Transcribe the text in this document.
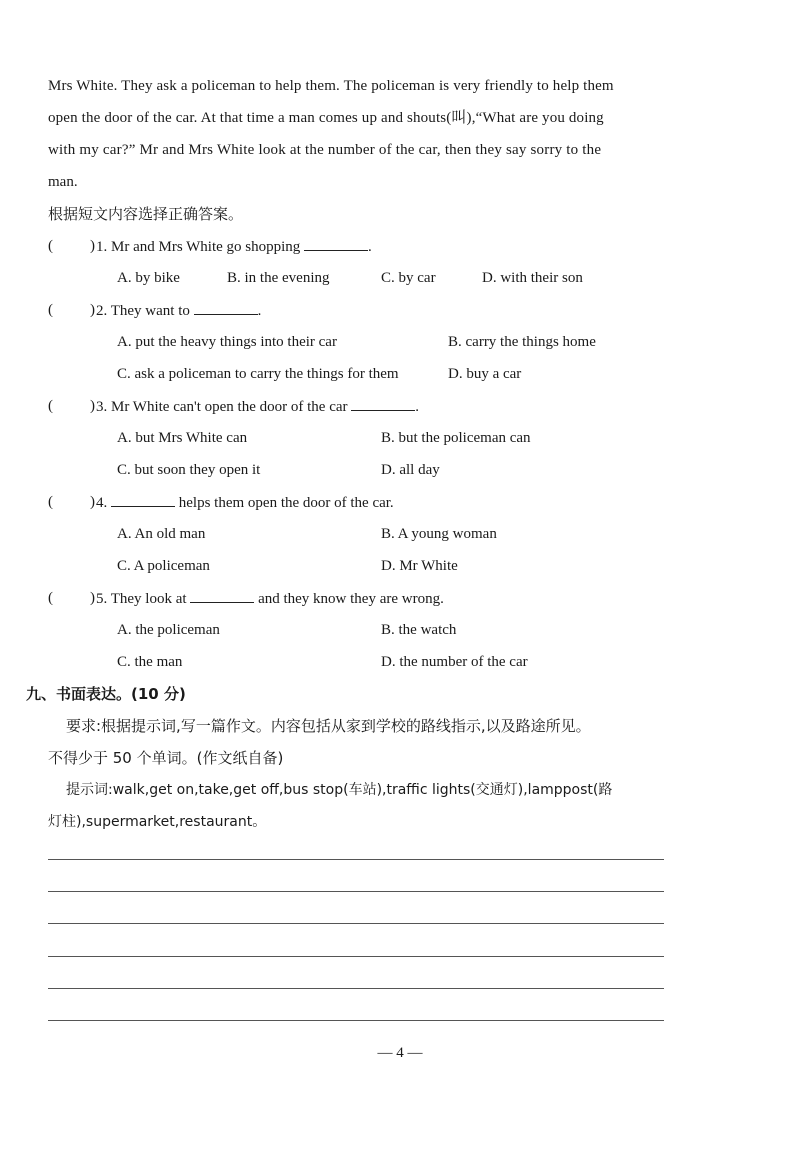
Mrs White. They ask a policeman to help them. The policeman is very friendly to help them
open the door of the car. At that time a man comes up and shouts(叫),“What are you doing
with my car?” Mr and Mrs White look at the number of the car, then they say sorry to the
man.
根据短文内容选择正确答案。
( ) 1. Mr and Mrs White go shopping	.
A. by bike	B. in the evening	C. by car	D. with their son
( ) 2. They want to	.
A. put the heavy things into their car	B. carry the things home
C. ask a policeman to carry the things for them	D. buy a car
( ) 3. Mr White can't open the door of the car	.
A. but Mrs White can	B. but the policeman can
C. but soon they open it	D. all day
( ) 4.	helps them open the door of the car.
A. An old man	B. A young woman
C. A policeman	D. Mr White
( ) 5. They look at	and they know they are wrong.
A. the policeman	B. the watch
C. the man	D. the number of the car
九、书面表达。(10 分)
要求:根据提示词,写一篇作文。内容包括从家到学校的路线指示,以及路途所见。
不得少于 50 个单词。(作文纸自备)
提示词:walk,get on,take,get off,bus stop(车站),traffic lights(交通灯),lamppost(路
灯柱),supermarket,restaurant。
— 4 —
